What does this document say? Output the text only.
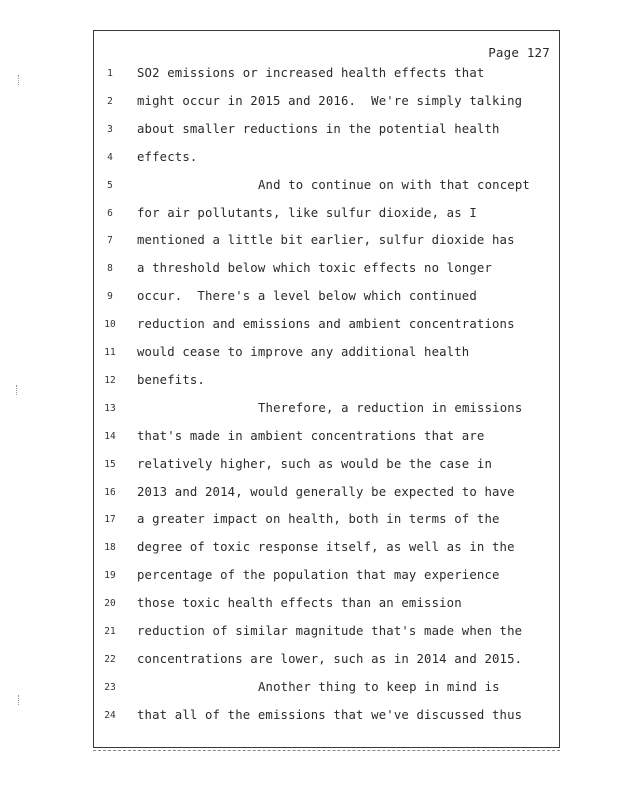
Page 127
1	SO2 emissions or increased health effects that
2	might occur in 2015 and 2016.  We're simply talking
3	about smaller reductions in the potential health
4	effects.
5	And to continue on with that concept
6	for air pollutants, like sulfur dioxide, as I
7	mentioned a little bit earlier, sulfur dioxide has
8	a threshold below which toxic effects no longer
9	occur.  There's a level below which continued
10	reduction and emissions and ambient concentrations
11	would cease to improve any additional health
12	benefits.
13	Therefore, a reduction in emissions
14	that's made in ambient concentrations that are
15	relatively higher, such as would be the case in
16	2013 and 2014, would generally be expected to have
17	a greater impact on health, both in terms of the
18	degree of toxic response itself, as well as in the
19	percentage of the population that may experience
20	those toxic health effects than an emission
21	reduction of similar magnitude that's made when the
22	concentrations are lower, such as in 2014 and 2015.
23	Another thing to keep in mind is
24	that all of the emissions that we've discussed thus
